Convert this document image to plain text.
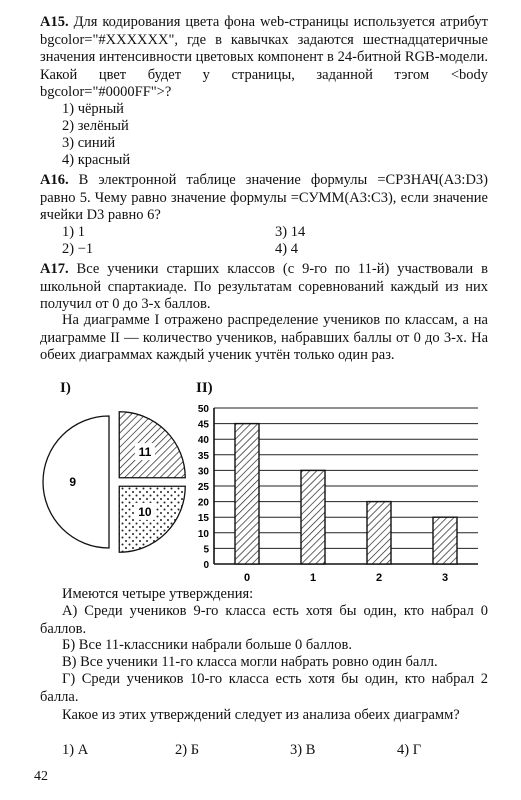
А15. Для кодирования цвета фона web-страницы используется атрибут bgcolor="#XXXXXX", где в кавычках задаются шестнадцатеричные значения интенсивности цветовых компонент в 24-битной RGB-модели. Какой цвет будет у страницы, заданной тэгом <body bgcolor="#0000FF">?
1) чёрный
2) зелёный
3) синий
4) красный
А16. В электронной таблице значение формулы =СРЗНАЧ(A3:D3) равно 5. Чему равно значение формулы =СУММ(A3:C3), если значение ячейки D3 равно 6?
1) 1
2) −1
3) 14
4) 4
А17. Все ученики старших классов (с 9-го по 11-й) участвовали в школьной спартакиаде. По результатам соревнований каждый из них получил от 0 до 3-х баллов.
На диаграмме I отражено распределение учеников по классам, а на диаграмме II — количество учеников, набравших баллы от 0 до 3-х. На обеих диаграммах каждый ученик учтён только один раз.
I)	II)
9
11
10
0
5
10
15
20
25
30
35
40
45
50
0	1	2	3
Имеются четыре утверждения:
А) Среди учеников 9-го класса есть хотя бы один, кто набрал 0 баллов.
Б) Все 11-классники набрали больше 0 баллов.
В) Все ученики 11-го класса могли набрать ровно один балл.
Г) Среди учеников 10-го класса есть хотя бы один, кто набрал 2 балла.
Какое из этих утверждений следует из анализа обеих диаграмм?
1) А	2) Б	3) В	4) Г
42
